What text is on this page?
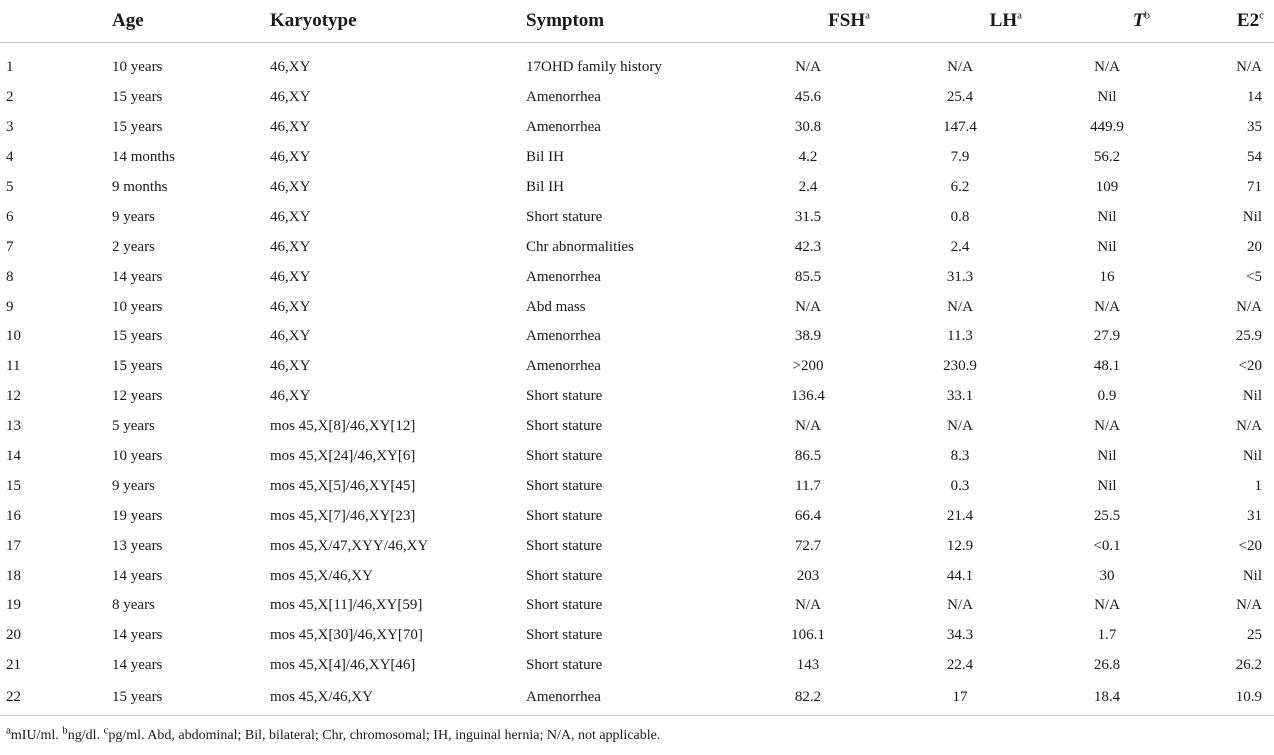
	Age	Karyotype	Symptom	FSH$^a$	$LH^a$	$T^b$	E2$^c$
1	10 years	46,XY	17OHD family history	N/A	N/A	N/A	N/A
2	15 years	46,XY	Amenorrhea	45.6	25.4	Nil	14
3	15 years	46,XY	Amenorrhea	30.8	147.4	449.9	35
4	14 months	46,XY	Bil IH	4.2	7.9	56.2	54
5	9 months	46,XY	Bil IH	2.4	6.2	109	71
6	9 years	46,XY	Short stature	31.5	0.8	Nil	Nil
7	2 years	46,XY	Chr abnormalities	42.3	2.4	Nil	20
8	14 years	46,XY	Amenorrhea	85.5	31.3	16	<5
9	10 years	46,XY	Abd mass	N/A	N/A	N/A	N/A
10	15 years	46,XY	Amenorrhea	38.9	11.3	27.9	25.9
11	15 years	46,XY	Amenorrhea	>200	230.9	48.1	<20
12	12 years	46,XY	Short stature	136.4	33.1	0.9	Nil
13	5 years	mos 45,X[8]/46,XY[12]	Short stature	N/A	N/A	N/A	N/A
14	10 years	mos 45,X[24]/46,XY[6]	Short stature	86.5	8.3	Nil	Nil
15	9 years	mos 45,X[5]/46,XY[45]	Short stature	11.7	0.3	Nil	1
16	19 years	mos 45,X[7]/46,XY[23]	Short stature	66.4	21.4	25.5	31
17	13 years	mos 45,X/47,XYY/46,XY	Short stature	72.7	12.9	<0.1	<20
18	14 years	mos 45,X/46,XY	Short stature	203	44.1	30	Nil
19	8 years	mos 45,X[11]/46,XY[59]	Short stature	N/A	N/A	N/A	N/A
20	14 years	mos 45,X[30]/46,XY[70]	Short stature	106.1	34.3	1.7	25
21	14 years	mos 45,X[4]/46,XY[46]	Short stature	143	22.4	26.8	26.2
22	15 years	mos 45,X/46,XY	Amenorrhea	82.2	17	18.4	10.9
$^a$mIU/ml. $^b$ng/dl. $^c$pg/ml. Abd, abdominal; Bil, bilateral; Chr, chromosomal; IH, inguinal hernia; N/A, not applicable.
